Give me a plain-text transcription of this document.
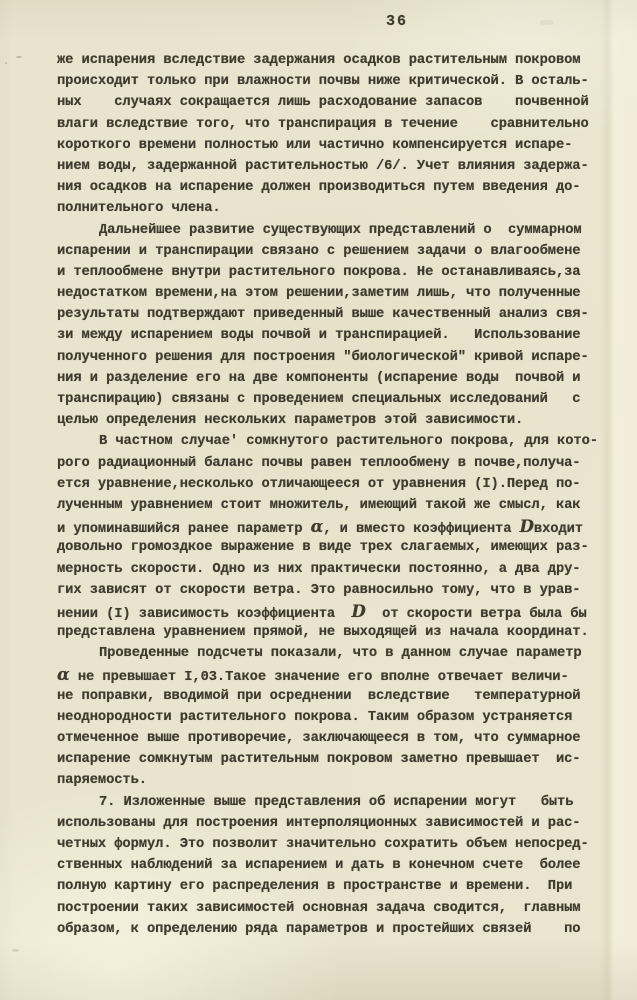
36
же испарения вследствие задержания осадков растительным покровом
происходит только при влажности почвы ниже критической. В осталь-
ных    случаях сокращается лишь расходование запасов    почвенной
влаги вследствие того, что транспирация в течение    сравнительно
короткого времени полностью или частично компенсируется испаре-
нием воды, задержанной растительностью /6/. Учет влияния задержа-
ния осадков на испарение должен производиться путем введения до-
полнительного члена.
Дальнейшее развитие существующих представлений о  суммарном
испарении и транспирации связано с решением задачи о влагообмене
и теплообмене внутри растительного покрова. Не останавливаясь,за
недостатком времени,на этом решении,заметим лишь, что полученные
результаты подтверждают приведенный выше качественный анализ свя-
зи между испарением воды почвой и транспирацией.   Использование
полученного решения для построения "биологической" кривой испаре-
ния и разделение его на две компоненты (испарение воды  почвой и
транспирацию) связаны с проведением специальных исследований   с
целью определения нескольких параметров этой зависимости.
В частном случае' сомкнутого растительного покрова, для кото-
рого радиационный баланс почвы равен теплообмену в почве,получа-
ется уравнение,несколько отличающееся от уравнения (I).Перед по-
лученным уравнением стоит множитель, имеющий такой же смысл, как
и упоминавшийся ранее параметр α, и вместо коэффициента Dвходит
довольно громоздкое выражение в виде трех слагаемых, имеющих раз-
мерность скорости. Одно из них практически постоянно, а два дру-
гих зависят от скорости ветра. Это равносильно тому, что в урав-
нении (I) зависимость коэффициента  D  от скорости ветра была бы
представлена уравнением прямой, не выходящей из начала координат.
Проведенные подсчеты показали, что в данном случае параметр
α не превышает I,03.Такое значение его вполне отвечает величи-
не поправки, вводимой при осреднении  вследствие   температурной
неоднородности растительного покрова. Таким образом устраняется
отмеченное выше противоречие, заключающееся в том, что суммарное
испарение сомкнутым растительным покровом заметно превышает  ис-
паряемость.
7. Изложенные выше представления об испарении могут   быть
использованы для построения интерполяционных зависимостей и рас-
четных формул. Это позволит значительно сохратить объем непосред-
ственных наблюдений за испарением и дать в конечном счете  более
полную картину его распределения в пространстве и времени.  При
построении таких зависимостей основная задача сводится,  главным
образом, к определению ряда параметров и простейших связей    по
